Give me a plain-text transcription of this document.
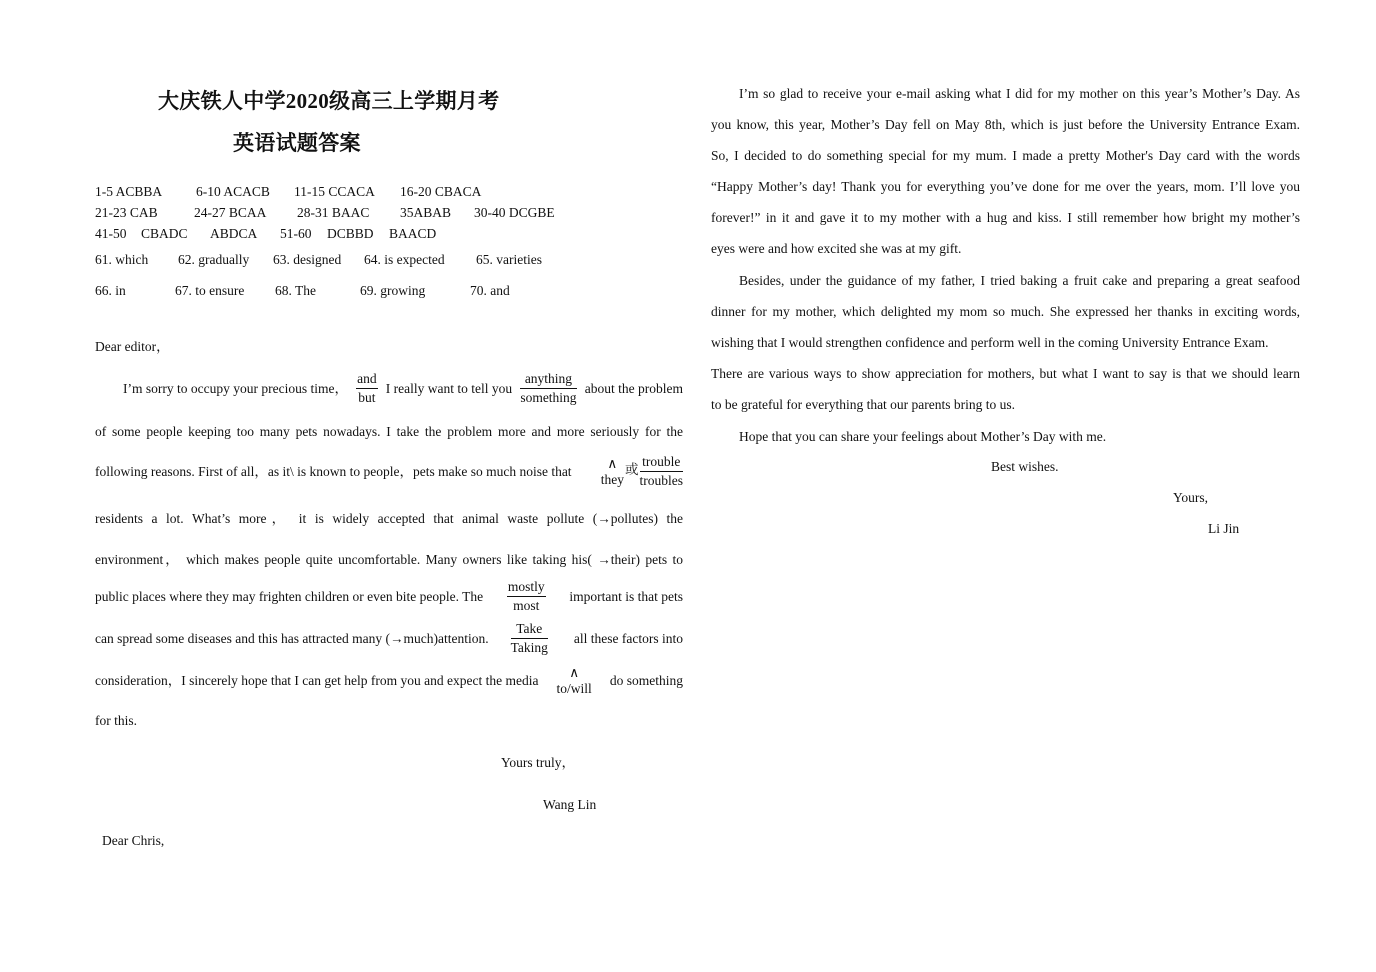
大庆铁人中学2020级高三上学期月考
英语试题答案
1-5 ACBBA	6-10 ACACB 11-15 CCACA 16-20 CBACA
21-23 CAB	24-27 BCAA 28-31 BAAC 35ABAB 30-40 DCGBE
41-50 CBADC ABDCA 51-60 DCBBD BAACD
61. which 62. gradually 63. designed 64. is expected 65. varieties
66. in	67. to ensure 68. The	69. growing	70. and
Dear editor，
I’m sorry to occupy your precious time， $\frac{\text{and}}{\text{but}}$ I really want to tell you $\frac{\text{anything}}{\text{something}}$ about the problem
of some people keeping too many pets nowadays. I take the problem more and more seriously for the
following reasons. First of all，as it\ is known to people，pets make so much noise that
∧
they
或 $\frac{\text{trouble}}{\text{troubles}}$
residents a lot. What’s more， it is widely accepted that animal waste pollute (→pollutes) the
environment， which makes people quite uncomfortable. Many owners like taking his( →their) pets to
public places where they may frighten children or even bite people. The $\frac{\text{mostly}}{\text{most}}$ important is that pets
can spread some diseases and this has attracted many (→much)attention. $\frac{\text{Take}}{\text{Taking}}$ all these factors into
consideration，I sincerely hope that I can get help from you and expect the media
∧
to/will
do something
for this.
Yours truly，
Wang Lin
Dear Chris,
I’m so glad to receive your e-mail asking what I did for my mother on this year’s Mother’s Day. As
you know, this year, Mother’s Day fell on May 8th, which is just before the University Entrance Exam.
So, I decided to do something special for my mum. I made a pretty Mother's Day card with the words
“Happy Mother’s day! Thank you for everything you’ve done for me over the years, mom. I’ll love you
forever!” in it and gave it to my mother with a hug and kiss. I still remember how bright my mother’s
eyes were and how excited she was at my gift.
Besides, under the guidance of my father, I tried baking a fruit cake and preparing a great seafood
dinner for my mother, which delighted my mom so much. She expressed her thanks in exciting words,
wishing that I would strengthen confidence and perform well in the coming University Entrance Exam.
There are various ways to show appreciation for mothers, but what I want to say is that we should learn
to be grateful for everything that our parents bring to us.
Hope that you can share your feelings about Mother’s Day with me.
Best wishes.
Yours,
Li Jin
